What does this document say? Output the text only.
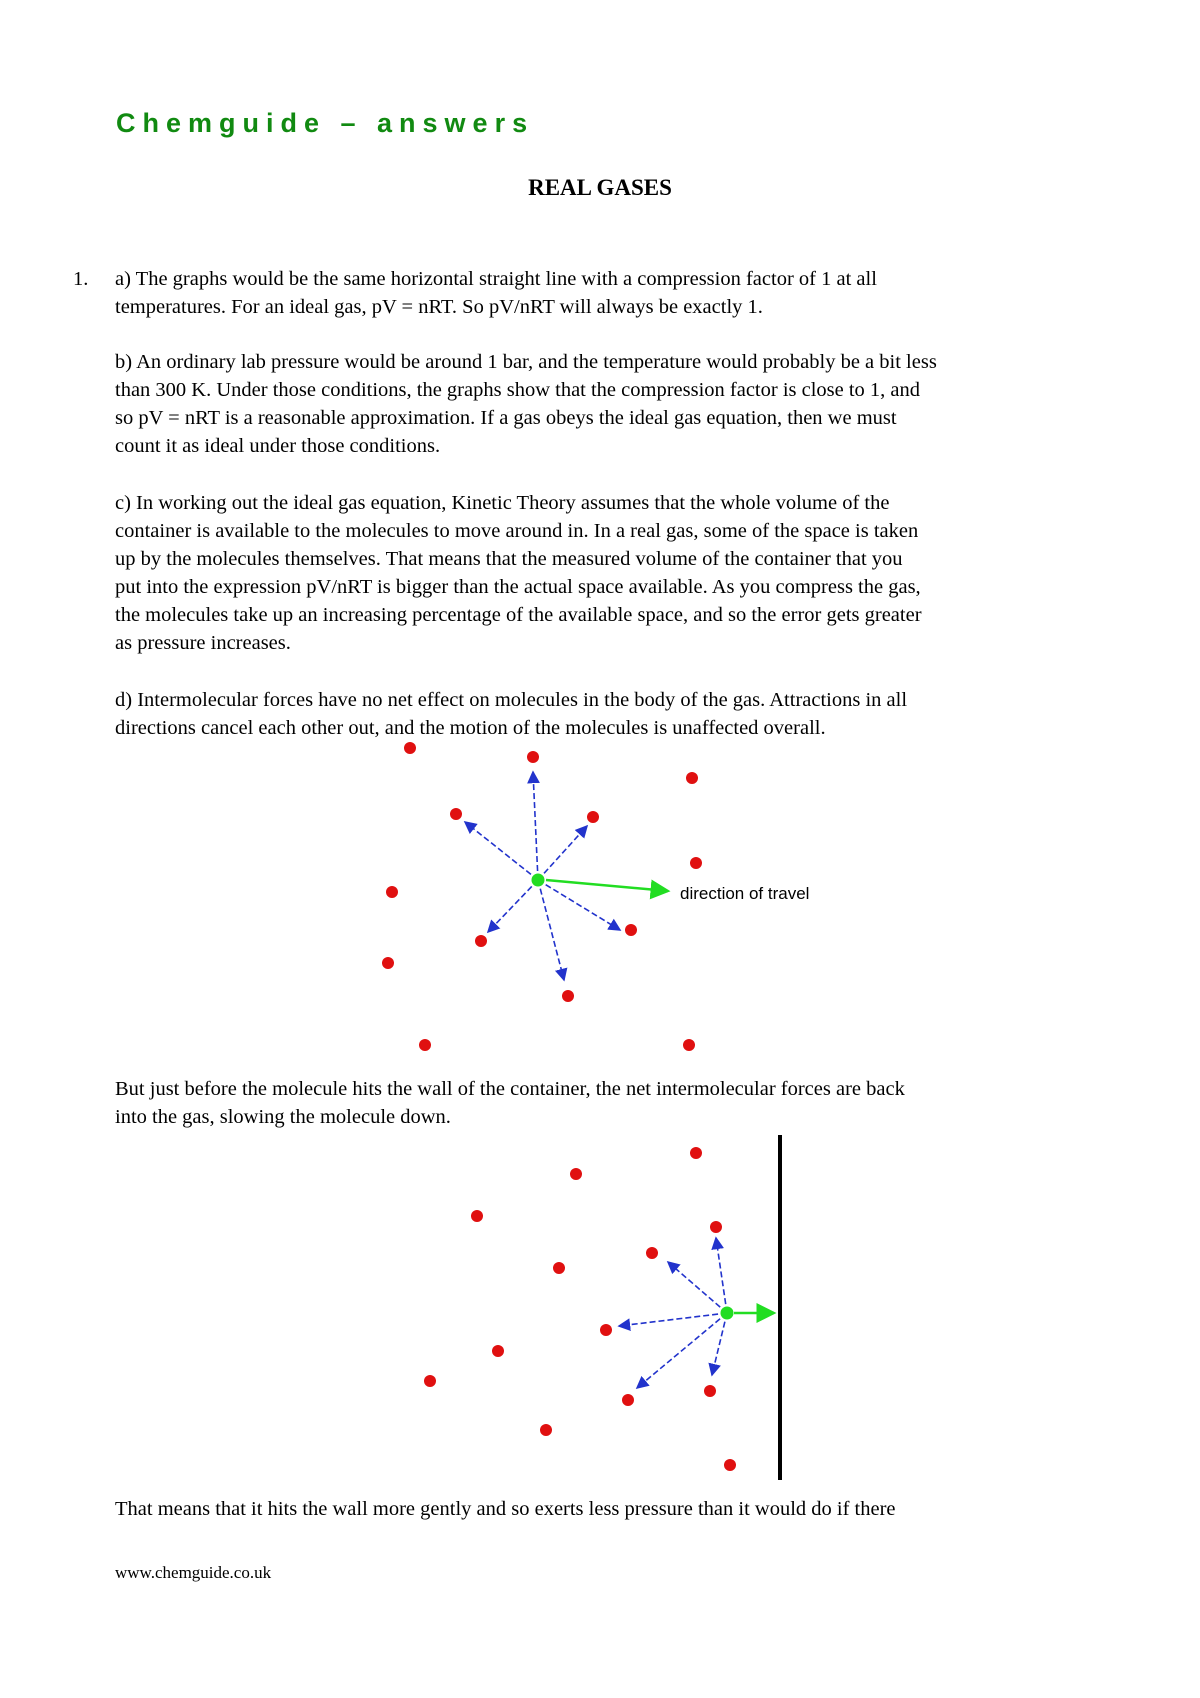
Chemguide – answers
REAL GASES
1. a) The graphs would be the same horizontal straight line with a compression factor of 1 at all
temperatures. For an ideal gas, pV = nRT. So pV/nRT will always be exactly 1.
b) An ordinary lab pressure would be around 1 bar, and the temperature would probably be a bit less
than 300 K. Under those conditions, the graphs show that the compression factor is close to 1, and
so pV = nRT is a reasonable approximation. If a gas obeys the ideal gas equation, then we must
count it as ideal under those conditions.
c) In working out the ideal gas equation, Kinetic Theory assumes that the whole volume of the
container is available to the molecules to move around in. In a real gas, some of the space is taken
up by the molecules themselves. That means that the measured volume of the container that you
put into the expression pV/nRT is bigger than the actual space available. As you compress the gas,
the molecules take up an increasing percentage of the available space, and so the error gets greater
as pressure increases.
d) Intermolecular forces have no net effect on molecules in the body of the gas. Attractions in all
directions cancel each other out, and the motion of the molecules is unaffected overall.
direction of travel
But just before the molecule hits the wall of the container, the net intermolecular forces are back
into the gas, slowing the molecule down.
That means that it hits the wall more gently and so exerts less pressure than it would do if there
www.chemguide.co.uk
